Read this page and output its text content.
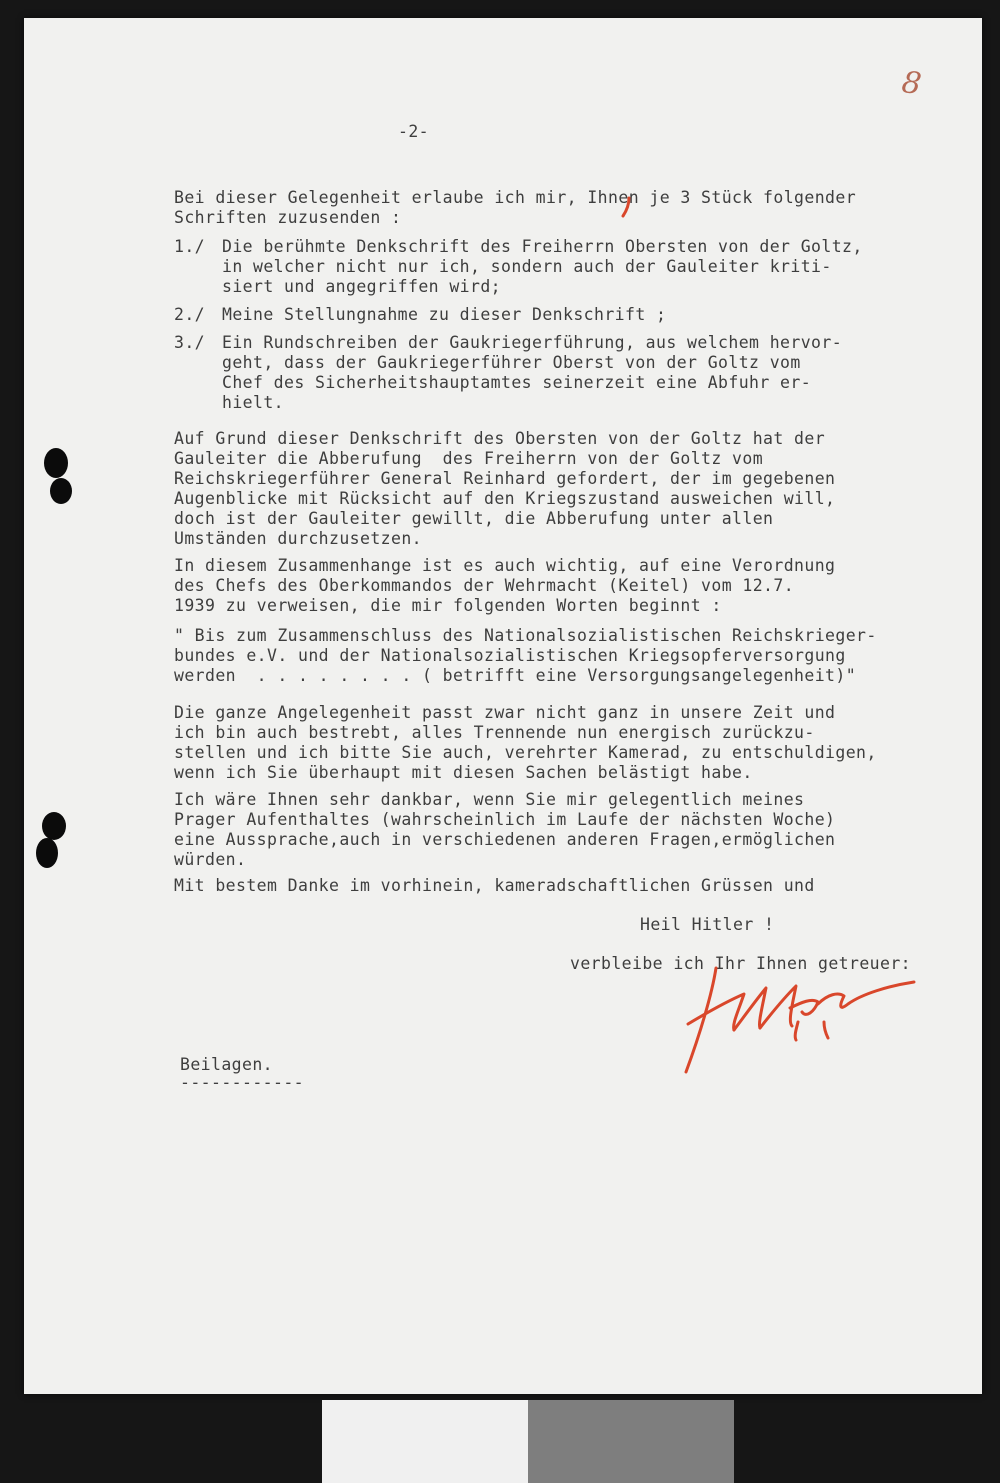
8
-2-
Bei dieser Gelegenheit erlaube ich mir, Ihnen je 3 Stück folgender
Schriften zuzusenden :
1./ Die berühmte Denkschrift des Freiherrn Obersten von der Goltz,
in welcher nicht nur ich, sondern auch der Gauleiter kriti-
siert und angegriffen wird;
2./ Meine Stellungnahme zu dieser Denkschrift ;
3./ Ein Rundschreiben der Gaukriegerführung, aus welchem hervor-
geht, dass der Gaukriegerführer Oberst von der Goltz vom
Chef des Sicherheitshauptamtes seinerzeit eine Abfuhr er-
hielt.
Auf Grund dieser Denkschrift des Obersten von der Goltz hat der
Gauleiter die Abberufung  des Freiherrn von der Goltz vom
Reichskriegerführer General Reinhard gefordert, der im gegebenen
Augenblicke mit Rücksicht auf den Kriegszustand ausweichen will,
doch ist der Gauleiter gewillt, die Abberufung unter allen
Umständen durchzusetzen.
In diesem Zusammenhange ist es auch wichtig, auf eine Verordnung
des Chefs des Oberkommandos der Wehrmacht (Keitel) vom 12.7.
1939 zu verweisen, die mir folgenden Worten beginnt :
" Bis zum Zusammenschluss des Nationalsozialistischen Reichskrieger-
bundes e.V. und der Nationalsozialistischen Kriegsopferversorgung
werden  . . . . . . . . ( betrifft eine Versorgungsangelegenheit)"
Die ganze Angelegenheit passt zwar nicht ganz in unsere Zeit und
ich bin auch bestrebt, alles Trennende nun energisch zurückzu-
stellen und ich bitte Sie auch, verehrter Kamerad, zu entschuldigen,
wenn ich Sie überhaupt mit diesen Sachen belästigt habe.
Ich wäre Ihnen sehr dankbar, wenn Sie mir gelegentlich meines
Prager Aufenthaltes (wahrscheinlich im Laufe der nächsten Woche)
eine Aussprache,auch in verschiedenen anderen Fragen,ermöglichen
würden.
Mit bestem Danke im vorhinein, kameradschaftlichen Grüssen und
Heil Hitler !
verbleibe ich Ihr Ihnen getreuer:
Beilagen.
------------
